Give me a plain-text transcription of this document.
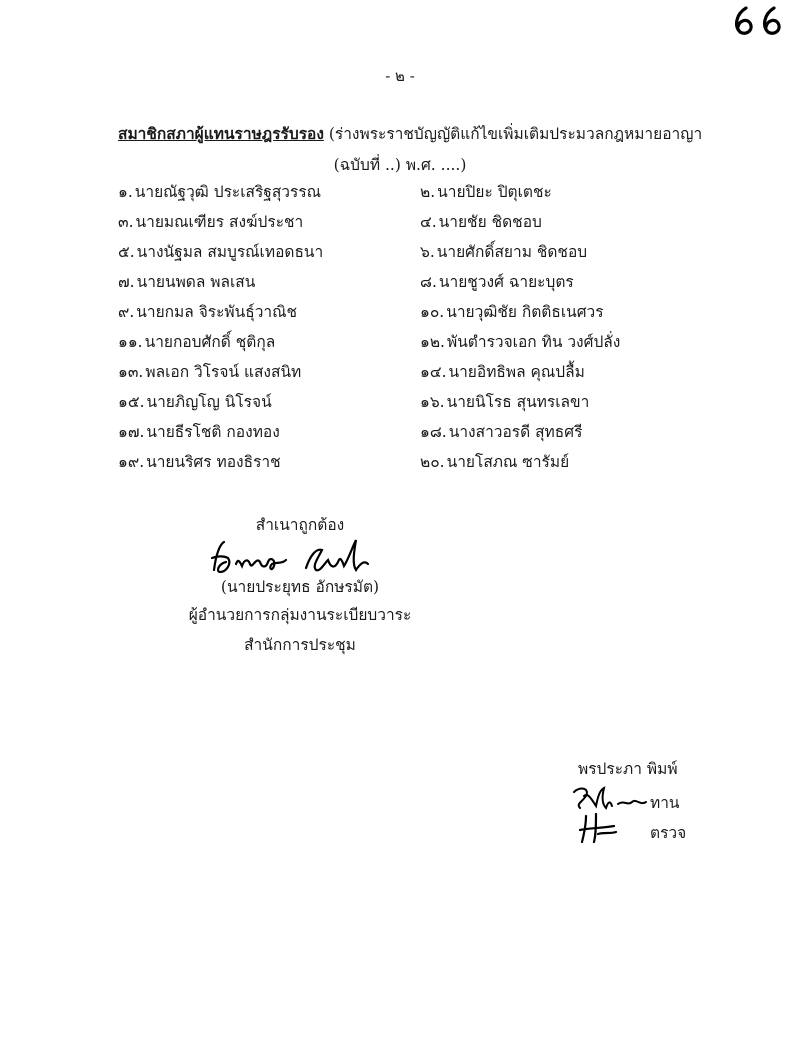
- ๒ -
สมาชิกสภาผู้แทนราษฎรรับรอง (ร่างพระราชบัญญัติแก้ไขเพิ่มเติมประมวลกฎหมายอาญา
(ฉบับที่ ..) พ.ศ. ....)
๑. นายณัฐวุฒิ ประเสริฐสุวรรณ	๒. นายปิยะ ปิตุเตชะ
๓. นายมณเฑียร สงฆ์ประชา	๔. นายชัย ชิดชอบ
๕. นางนัฐมล สมบูรณ์เทอดธนา	๖. นายศักดิ์สยาม ชิดชอบ
๗. นายนพดล พลเสน	๘. นายชูวงศ์ ฉายะบุตร
๙. นายกมล จิระพันธุ์วาณิช	๑๐. นายวุฒิชัย กิตติธเนศวร
๑๑. นายกอบศักดิ์ ชุติกุล	๑๒. พันตำรวจเอก ทิน วงศ์ปลั่ง
๑๓. พลเอก วิโรจน์ แสงสนิท	๑๔. นายอิทธิพล คุณปลื้ม
๑๕. นายภิญโญ นิโรจน์	๑๖. นายนิโรธ สุนทรเลขา
๑๗. นายธีรโชติ กองทอง	๑๘. นางสาวอรดี สุทธศรี
๑๙. นายนริศร ทองธิราช	๒๐. นายโสภณ ซารัมย์
สำเนาถูกต้อง
(นายประยุทธ อักษรมัต)
ผู้อำนวยการกลุ่มงานระเบียบวาระ
สำนักการประชุม
พรประภา พิมพ์
ทาน
ตรวจ
